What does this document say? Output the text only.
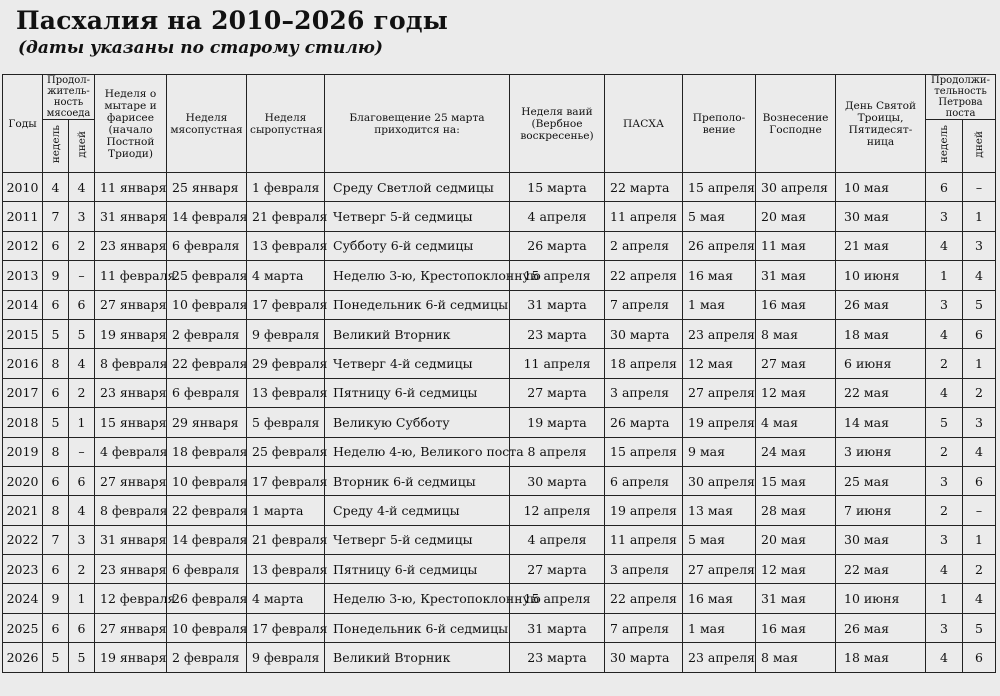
Пасхалия на 2010–2026 годы
(даты указаны по старому стилю)
Годы	Продол-житель-ность мясоеда		Неделя о мытаре и фарисее (начало Постной Триоди)	Неделя мясопустная	Неделя сыропустная	Благовещение 25 марта приходится на:	Неделя ваий (Вербное воскресенье)	ПАСХА	Преполо-вение	Вознесение Господне	День Святой Троицы, Пятидесят-ница	Продолжи-тельность Петрова поста	
	недель	дней										недель	дней
2010	4	4	11 января	25 января	1 февраля	Среду Светлой седмицы	15 марта	22 марта	15 апреля	30 апреля	10 мая	6	–
2011	7	3	31 января	14 февраля	21 февраля	Четверг 5-й седмицы	4 апреля	11 апреля	5 мая	20 мая	30 мая	3	1
2012	6	2	23 января	6 февраля	13 февраля	Субботу 6-й седмицы	26 марта	2 апреля	26 апреля	11 мая	21 мая	4	3
2013	9	–	11 февраля	25 февраля	4 марта	Неделю 3-ю, Крестопоклонную	15 апреля	22 апреля	16 мая	31 мая	10 июня	1	4
2014	6	6	27 января	10 февраля	17 февраля	Понедельник 6-й седмицы	31 марта	7 апреля	1 мая	16 мая	26 мая	3	5
2015	5	5	19 января	2 февраля	9 февраля	Великий Вторник	23 марта	30 марта	23 апреля	8 мая	18 мая	4	6
2016	8	4	8 февраля	22 февраля	29 февраля	Четверг 4-й седмицы	11 апреля	18 апреля	12 мая	27 мая	6 июня	2	1
2017	6	2	23 января	6 февраля	13 февраля	Пятницу 6-й седмицы	27 марта	3 апреля	27 апреля	12 мая	22 мая	4	2
2018	5	1	15 января	29 января	5 февраля	Великую Субботу	19 марта	26 марта	19 апреля	4 мая	14 мая	5	3
2019	8	–	4 февраля	18 февраля	25 февраля	Неделю 4-ю, Великого поста	8 апреля	15 апреля	9 мая	24 мая	3 июня	2	4
2020	6	6	27 января	10 февраля	17 февраля	Вторник 6-й седмицы	30 марта	6 апреля	30 апреля	15 мая	25 мая	3	6
2021	8	4	8 февраля	22 февраля	1 марта	Среду 4-й седмицы	12 апреля	19 апреля	13 мая	28 мая	7 июня	2	–
2022	7	3	31 января	14 февраля	21 февраля	Четверг 5-й седмицы	4 апреля	11 апреля	5 мая	20 мая	30 мая	3	1
2023	6	2	23 января	6 февраля	13 февраля	Пятницу 6-й седмицы	27 марта	3 апреля	27 апреля	12 мая	22 мая	4	2
2024	9	1	12 февраля	26 февраля	4 марта	Неделю 3-ю, Крестопоклонную	15 апреля	22 апреля	16 мая	31 мая	10 июня	1	4
2025	6	6	27 января	10 февраля	17 февраля	Понедельник 6-й седмицы	31 марта	7 апреля	1 мая	16 мая	26 мая	3	5
2026	5	5	19 января	2 февраля	9 февраля	Великий Вторник	23 марта	30 марта	23 апреля	8 мая	18 мая	4	6
